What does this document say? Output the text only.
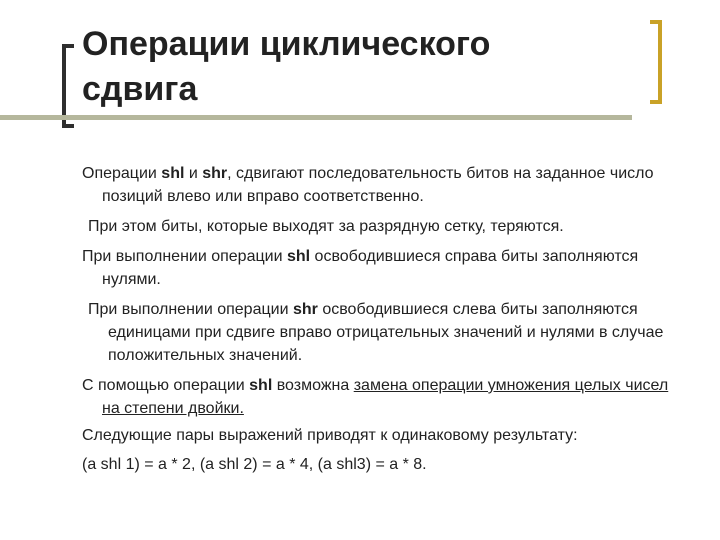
Операции циклического
сдвига

Операции shl и shr, сдвигают последовательность битов на заданное число позиций влево или вправо соответственно.

При этом биты, которые выходят за разрядную сетку, теряются.

При выполнении операции shl освободившиеся справа биты заполняются нулями.

При выполнении операции shr освободившиеся слева биты заполняются единицами при сдвиге вправо отрицательных значений и нулями в случае положительных значений.

С помощью операции shl возможна замена операции умножения целых чисел на степени двойки.

Следующие пары выражений приводят к одинаковому результату:

(a shl 1) = a * 2, (a shl 2) = a * 4, (a shl3) = a * 8.
